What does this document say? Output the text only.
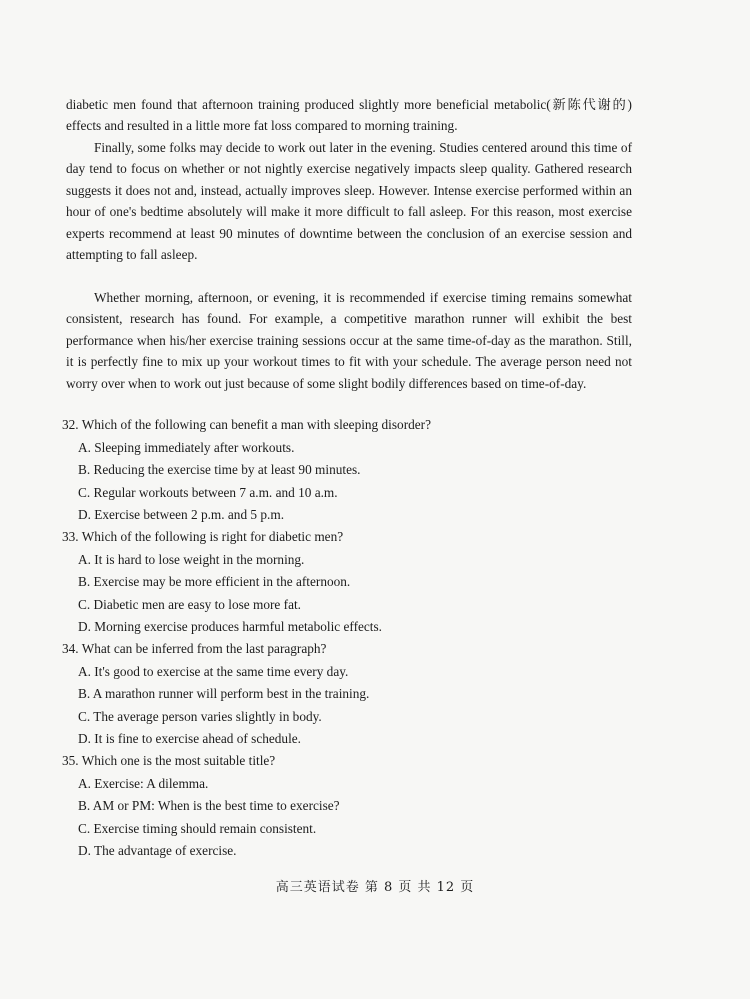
diabetic men found that afternoon training produced slightly more beneficial metabolic(新陈代谢的) effects and resulted in a little more fat loss compared to morning training.

Finally, some folks may decide to work out later in the evening. Studies centered around this time of day tend to focus on whether or not nightly exercise negatively impacts sleep quality. Gathered research suggests it does not and, instead, actually improves sleep. However. Intense exercise performed within an hour of one's bedtime absolutely will make it more difficult to fall asleep. For this reason, most exercise experts recommend at least 90 minutes of downtime between the conclusion of an exercise session and attempting to fall asleep.

Whether morning, afternoon, or evening, it is recommended if exercise timing remains somewhat consistent, research has found. For example, a competitive marathon runner will exhibit the best performance when his/her exercise training sessions occur at the same time-of-day as the marathon. Still, it is perfectly fine to mix up your workout times to fit with your schedule. The average person need not worry over when to work out just because of some slight bodily differences based on time-of-day.

32. Which of the following can benefit a man with sleeping disorder?
A. Sleeping immediately after workouts.
B. Reducing the exercise time by at least 90 minutes.
C. Regular workouts between 7 a.m. and 10 a.m.
D. Exercise between 2 p.m. and 5 p.m.
33. Which of the following is right for diabetic men?
A. It is hard to lose weight in the morning.
B. Exercise may be more efficient in the afternoon.
C. Diabetic men are easy to lose more fat.
D. Morning exercise produces harmful metabolic effects.
34. What can be inferred from the last paragraph?
A. It's good to exercise at the same time every day.
B. A marathon runner will perform best in the training.
C. The average person varies slightly in body.
D. It is fine to exercise ahead of schedule.
35. Which one is the most suitable title?
A. Exercise: A dilemma.
B. AM or PM: When is the best time to exercise?
C. Exercise timing should remain consistent.
D. The advantage of exercise.
高三英语试卷 第 8 页 共 12 页
